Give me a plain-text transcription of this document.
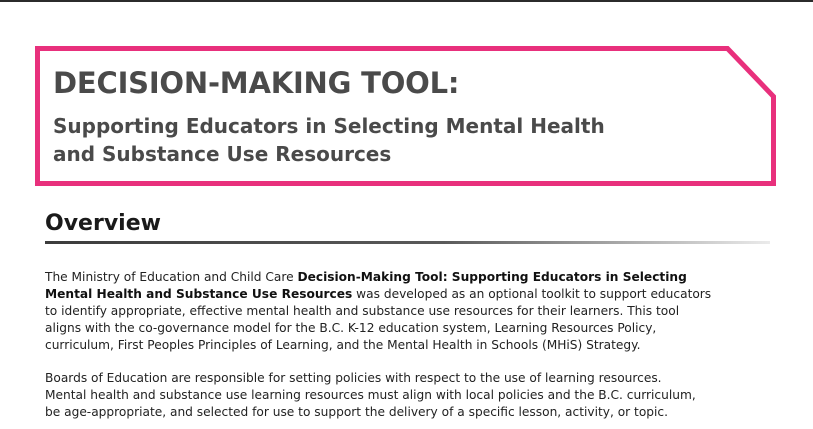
DECISION-MAKING TOOL:
Supporting Educators in Selecting Mental Health
and Substance Use Resources
Overview

The Ministry of Education and Child Care Decision-Making Tool: Supporting Educators in Selecting
Mental Health and Substance Use Resources was developed as an optional toolkit to support educators
to identify appropriate, effective mental health and substance use resources for their learners. This tool
aligns with the co-governance model for the B.C. K-12 education system, Learning Resources Policy,
curriculum, First Peoples Principles of Learning, and the Mental Health in Schools (MHiS) Strategy.

Boards of Education are responsible for setting policies with respect to the use of learning resources.
Mental health and substance use learning resources must align with local policies and the B.C. curriculum,
be age-appropriate, and selected for use to support the delivery of a specific lesson, activity, or topic.
